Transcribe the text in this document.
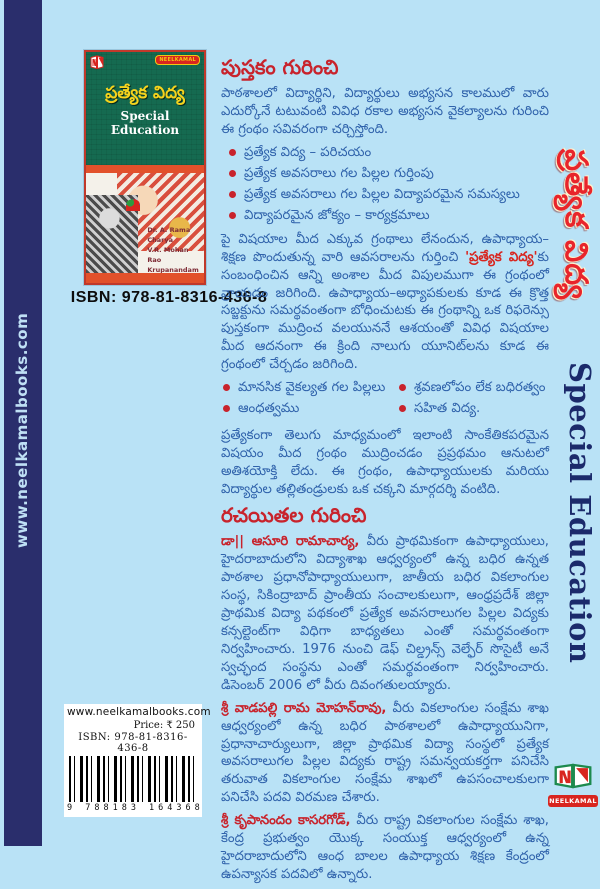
www.neelkamalbooks.com
NEELKAMAL
ప్రత్యేక విద్య
Special Education
Dr. A. Rama Charya
V.R. Mohan Rao
Krupanandam
ISBN: 978-81-8316-436-8
పుస్తకం గురించి

పాఠశాలలో విద్యార్థిని, విద్యార్థులు అభ్యసన కాలములో వారు ఎదుర్కోనే టటువంటి వివిధ రకాల అభ్యసన వైకల్యాలను గురించి ఈ గ్రంథం సవివరంగా చర్చిస్తోంది.

ప్రత్యేక విద్య – పరిచయం
ప్రత్యేక అవసరాలు గల పిల్లల గుర్తింపు
ప్రత్యేక అవసరాలు గల పిల్లల విద్యాపరమైన సమస్యలు
విద్యాపరమైన జోక్యం – కార్యక్రమాలు

పై విషయాల మీద ఎక్కువ గ్రంథాలు లేనందున, ఉపాధ్యాయ–శిక్షణ పొందుతున్న వారి ఆవసరాలను గుర్తించి 'ప్రత్యేక విద్య'కు సంబంధించిన ఆన్ని అంశాల మీద విపులముగా ఈ గ్రంథంలో వ్రాయడం జరిగింది. ఉపాధ్యాయ–అధ్యాపకులకు కూడ ఈ క్రొత్త సబ్జక్టును సమర్థవంతంగా బోధించుటకు ఈ గ్రంథాన్ని ఒక రిఫరెన్సు పుస్తకంగా ముద్రించ వలయుననే ఆశయంతో వివిధ విషయాల మీద ఆదనంగా ఈ క్రింది నాలుగు యూనిట్‌లను కూడ ఈ గ్రంథంలో చేర్చడం జరిగింది.

మానసిక వైకల్యత గల పిల్లలు శ్రవణలోపం లేక బధిరత్వం
ఆంధత్వము	సహిత విద్య.

ప్రత్యేకంగా తెలుగు మాధ్యమంలో ఇలాంటి సాంకేతికపరమైన విషయం మీద గ్రంథం ముద్రించడం ప్రప్రథమం ఆనుటలో అతిశయోక్తి లేదు. ఈ గ్రంథం, ఉపాధ్యాయులకు మరియు విద్యార్థుల తల్లితండ్రులకు ఒక చక్కని మార్గదర్శి వంటిది.

రచయితల గురించి

డా|| ఆసూరి రామాచార్య, వీరు ప్రాథమికంగా ఉపాధ్యాయులు, హైదరాబాదులోని విద్యాశాఖ ఆధ్వర్యంలో ఉన్న బధిర ఉన్నత పాఠశాల ప్రధానోపాధ్యాయులుగా, జాతీయ బధిర వికలాంగుల సంస్థ, సికింద్రాబాద్ ప్రాంతీయ సంచాలకులుగా, ఆంధ్రప్రదేశ్ జిల్లా ప్రాథమిక విద్యా పథకంలో ప్రత్యేక అవసరాలుగల పిల్లల విద్యకు కన్సల్టెంట్‌గా విధిగా బాధ్యతలు ఎంతో సమర్థవంతంగా నిర్వహించారు. 1976 నుంచి డెఫ్ చిల్డ్రన్స్ వెల్ఫేర్ సొసైటీ అనే స్వచ్ఛంద సంస్థను ఎంతో సమర్థవంతంగా నిర్వహించారు. డిసెంబర్ 2006 లో వీరు దివంగతులయ్యారు.

శ్రీ వాడపల్లి రామ మోహన్‌రావు, వీరు వికలాంగుల సంక్షేమ శాఖ ఆధ్వర్యంలో ఉన్న బధిర పాఠశాలలో ఉపాధ్యాయునిగా, ప్రధానాచార్యులుగా, జిల్లా ప్రాథమిక విద్యా సంస్థలో ప్రత్యేక అవసరాలుగల పిల్లల విద్యకు రాష్ట్ర సమన్వయకర్తగా పనిచేసి తరువాత వికలాంగుల సంక్షేమ శాఖలో ఉపసంచాలకులగా పనిచేసి పదవి విరమణ చేశారు.

శ్రీ కృపానందం కాసరగోడ్, వీరు రాష్ట్ర వికలాంగుల సంక్షేమ శాఖ, కేంద్ర ప్రభుత్వం యొక్క సంయుక్త ఆధ్వర్యంలో ఉన్న హైదరాబాదులోని ఆంధ బాలల ఉపాధ్యాయ శిక్షణ కేంద్రంలో ఉపన్యాసక పదవిలో ఉన్నారు.

ప్రత్యేక విద్య
Special Education
www.neelkamalbooks.com
Price: ₹ 250
ISBN: 978-81-8316-436-8
9 788183 164368
NEELKAMAL
